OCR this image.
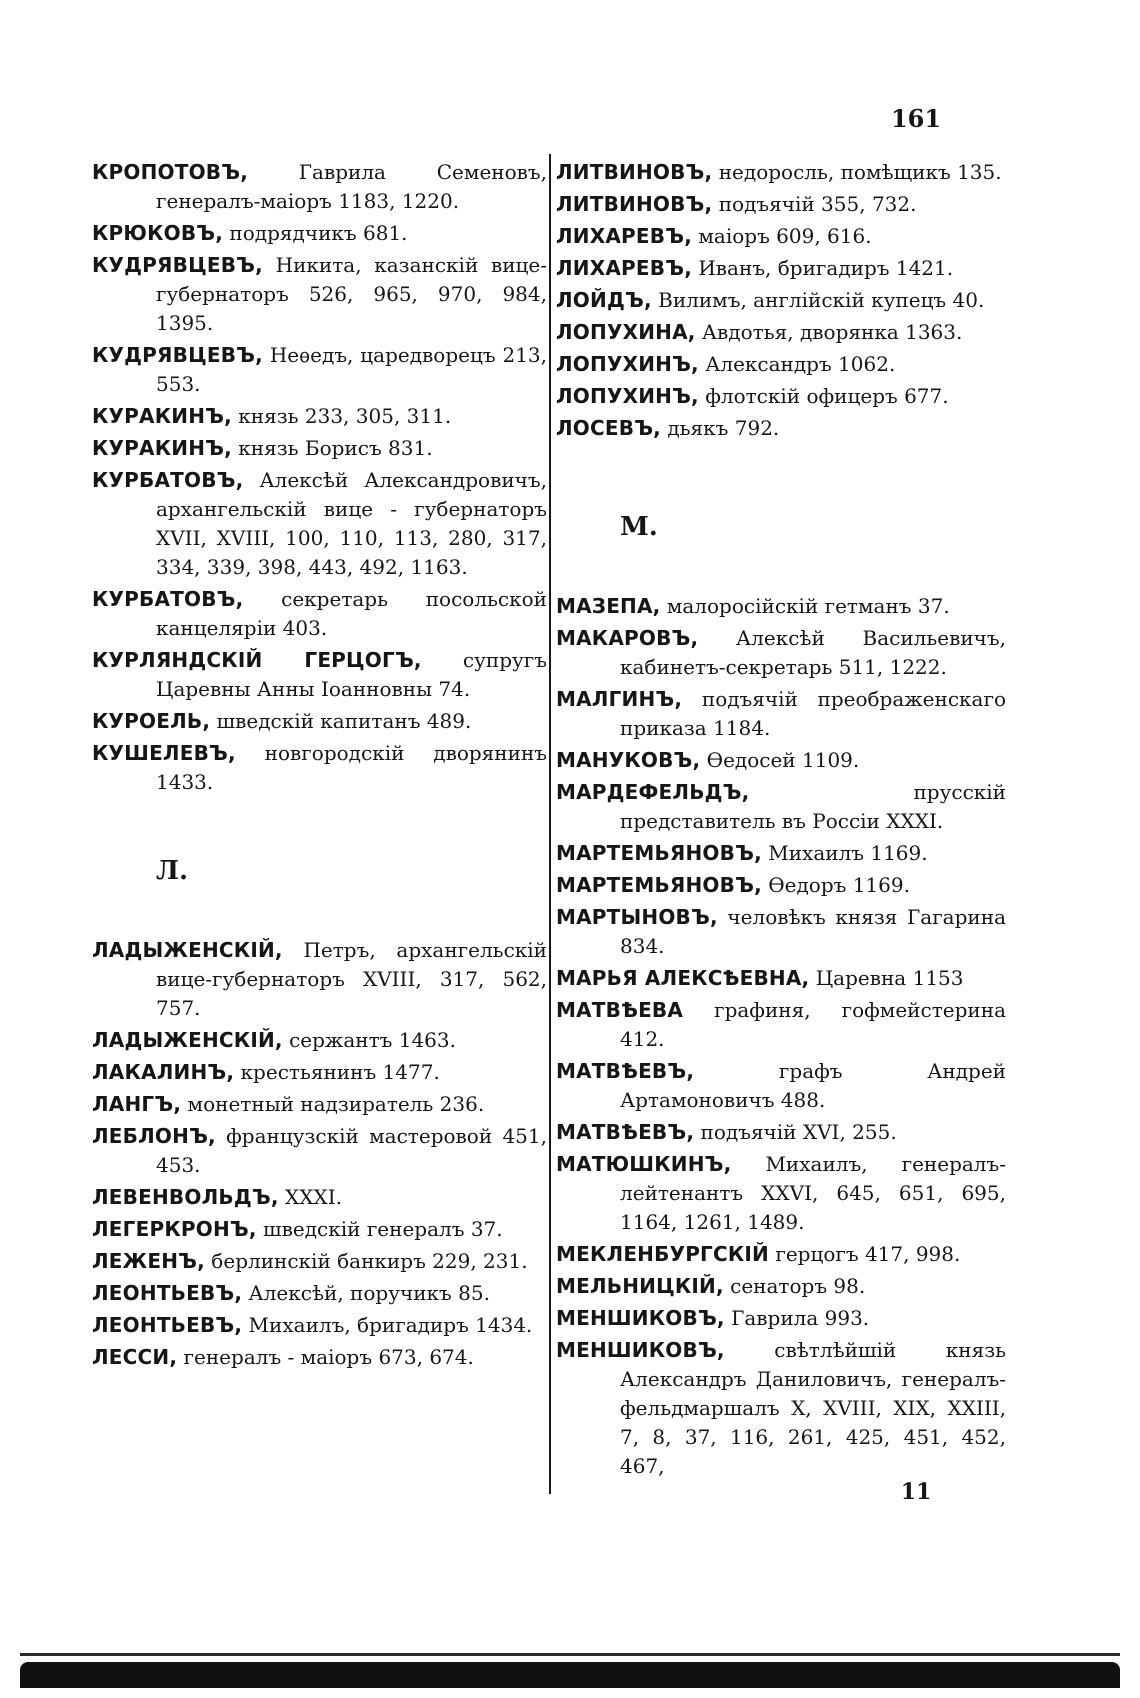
161

КРОПОТОВЪ, Гаврила Семеновъ, генералъ-маіоръ 1183, 1220.

КРЮКОВЪ, подрядчикъ 681.

КУДРЯВЦЕВЪ, Никита, казанскій вице-губернаторъ 526, 965, 970, 984, 1395.

КУДРЯВЦЕВЪ, Неѳедъ, царедворецъ 213, 553.

КУРАКИНЪ, князь 233, 305, 311.

КУРАКИНЪ, князь Борисъ 831.

КУРБАТОВЪ, Алексѣй Александровичъ, архангельскій вице - губернаторъ XVII, XVIII, 100, 110, 113, 280, 317, 334, 339, 398, 443, 492, 1163.

КУРБАТОВЪ, секретарь посольской канцеляріи 403.

КУРЛЯНДСКІЙ ГЕРЦОГЪ, супругъ Царевны Анны Іоанновны 74.

КУРОЕЛЬ, шведскій капитанъ 489.

КУШЕЛЕВЪ, новгородскій дворянинъ 1433.

Л.

ЛАДЫЖЕНСКІЙ, Петръ, архангельскій вице-губернаторъ XVIII, 317, 562, 757.

ЛАДЫЖЕНСКІЙ, сержантъ 1463.

ЛАКАЛИНЪ, крестьянинъ 1477.

ЛАНГЪ, монетный надзиратель 236.

ЛЕБЛОНЪ, французскій мастеровой 451, 453.

ЛЕВЕНВОЛЬДЪ, XXXI.

ЛЕГЕРКРОНЪ, шведскій генералъ 37.

ЛЕЖЕНЪ, берлинскій банкиръ 229, 231.

ЛЕОНТЬЕВЪ, Алексѣй, поручикъ 85.

ЛЕОНТЬЕВЪ, Михаилъ, бригадиръ 1434.

ЛЕССИ, генералъ - маіоръ 673, 674.

ЛИТВИНОВЪ, недоросль, помѣщикъ 135.

ЛИТВИНОВЪ, подъячій 355, 732.

ЛИХАРЕВЪ, маіоръ 609, 616.

ЛИХАРЕВЪ, Иванъ, бригадиръ 1421.

ЛОЙДЪ, Вилимъ, англійскій купецъ 40.

ЛОПУХИНА, Авдотья, дворянка 1363.

ЛОПУХИНЪ, Александръ 1062.

ЛОПУХИНЪ, флотскій офицеръ 677.

ЛОСЕВЪ, дьякъ 792.

М.

МАЗЕПА, малоросійскій гетманъ 37.

МАКАРОВЪ, Алексѣй Васильевичъ, кабинетъ-секретарь 511, 1222.

МАЛГИНЪ, подъячій преображенскаго приказа 1184.

МАНУКОВЪ, Ѳедосей 1109.

МАРДЕФЕЛЬДЪ, прусскій представитель въ Россіи XXXI.

МАРТЕМЬЯНОВЪ, Михаилъ 1169.

МАРТЕМЬЯНОВЪ, Ѳедоръ 1169.

МАРТЫНОВЪ, человѣкъ князя Гагарина 834.

МАРЬЯ АЛЕКСѢЕВНА, Царевна 1153

МАТВѢЕВА графиня, гофмейстерина 412.

МАТВѢЕВЪ, графъ Андрей Артамоновичъ 488.

МАТВѢЕВЪ, подъячій XVI, 255.

МАТЮШКИНЪ, Михаилъ, генералъ-лейтенантъ XXVI, 645, 651, 695, 1164, 1261, 1489.

МЕКЛЕНБУРГСКІЙ герцогъ 417, 998.

МЕЛЬНИЦКІЙ, сенаторъ 98.

МЕНШИКОВЪ, Гаврила 993.

МЕНШИКОВЪ, свѣтлѣйшій князь Александръ Даниловичъ, генералъ-фельдмаршалъ X, XVIII, XIX, XXIII, 7, 8, 37, 116, 261, 425, 451, 452, 467,

11
